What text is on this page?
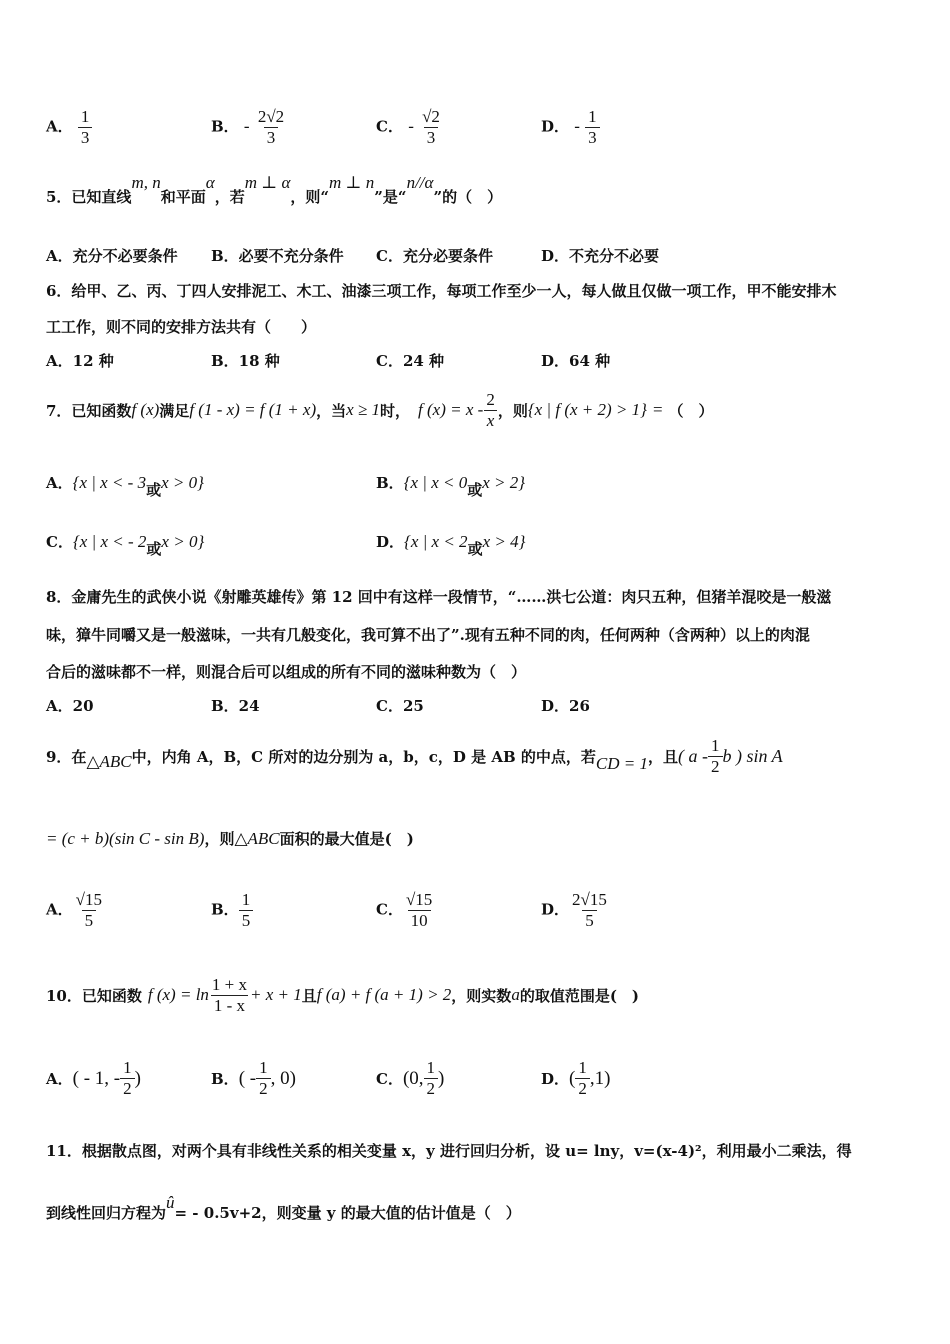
A． $\frac{1}{3}$	B． - $\frac{2√2}{3}$	C． - $\frac{√2}{3}$	D． - $\frac{1}{3}$
5．已知直线m, n和平面α，若m ⊥ α，则“m ⊥ n”是“n//α”的（　）
A．充分不必要条件 B．必要不充分条件 C．充分必要条件	D．不充分不必要
6．给甲、乙、丙、丁四人安排泥工、木工、油漆三项工作，每项工作至少一人，每人做且仅做一项工作，甲不能安排木
工工作，则不同的安排方法共有（　　）
A．12 种	B．18 种	C．24 种	D．64 种
7．已知函数 f (x) 满足 f (1 - x) = f (1 + x) ，当 x ≥ 1 时， f $(x) = x - \frac{2}{x}$ ，则 {x | f (x + 2) > 1} = （　）
A．{x | x < - 3或x > 0}	B．{x | x < 0或x > 2}
C．{x | x < - 2或x > 0}	D．{x | x < 2或x > 4}
8．金庸先生的武侠小说《射雕英雄传》第 12 回中有这样一段情节，“……洪七公道：肉只五种，但猪羊混咬是一般滋
味，獐牛同嚼又是一般滋味，一共有几般变化，我可算不出了”.现有五种不同的肉，任何两种（含两种）以上的肉混
合后的滋味都不一样，则混合后可以组成的所有不同的滋味种数为（　）
A．20	B．24	C．25	D．26
9．在 △ABC 中，内角 A，B，C 所对的边分别为 a，b，c，D 是 AB 的中点，若 CD = 1 ，且 ( a - $\frac{1}{2}$ b ) sin A
= (c + b)(sin C - sin B)，则△ABC面积的最大值是(　)
A． $\frac{√15}{5}$	B． $\frac{1}{5}$	C． $\frac{√15}{10}$	D． $\frac{2√15}{5}$
10．已知函数 f $(x) = \ln \frac{1 + x}{1 - x} + x + 1$ 且 f (a) + f (a + 1) > 2 ，则实数 a 的取值范围是(　)
A． ( - 1, - $\frac{1}{2}$ )	B． ( - $\frac{1}{2}$ , 0)	C． (0, $\frac{1}{2}$ )	D． ( $\frac{1}{2} ,1$)
11．根据散点图，对两个具有非线性关系的相关变量 x，y 进行回归分析，设 u= lny，v=(x-4)²，利用最小二乘法，得
到线性回归方程为û= - 0.5v+2，则变量 y 的最大值的估计值是（　）
